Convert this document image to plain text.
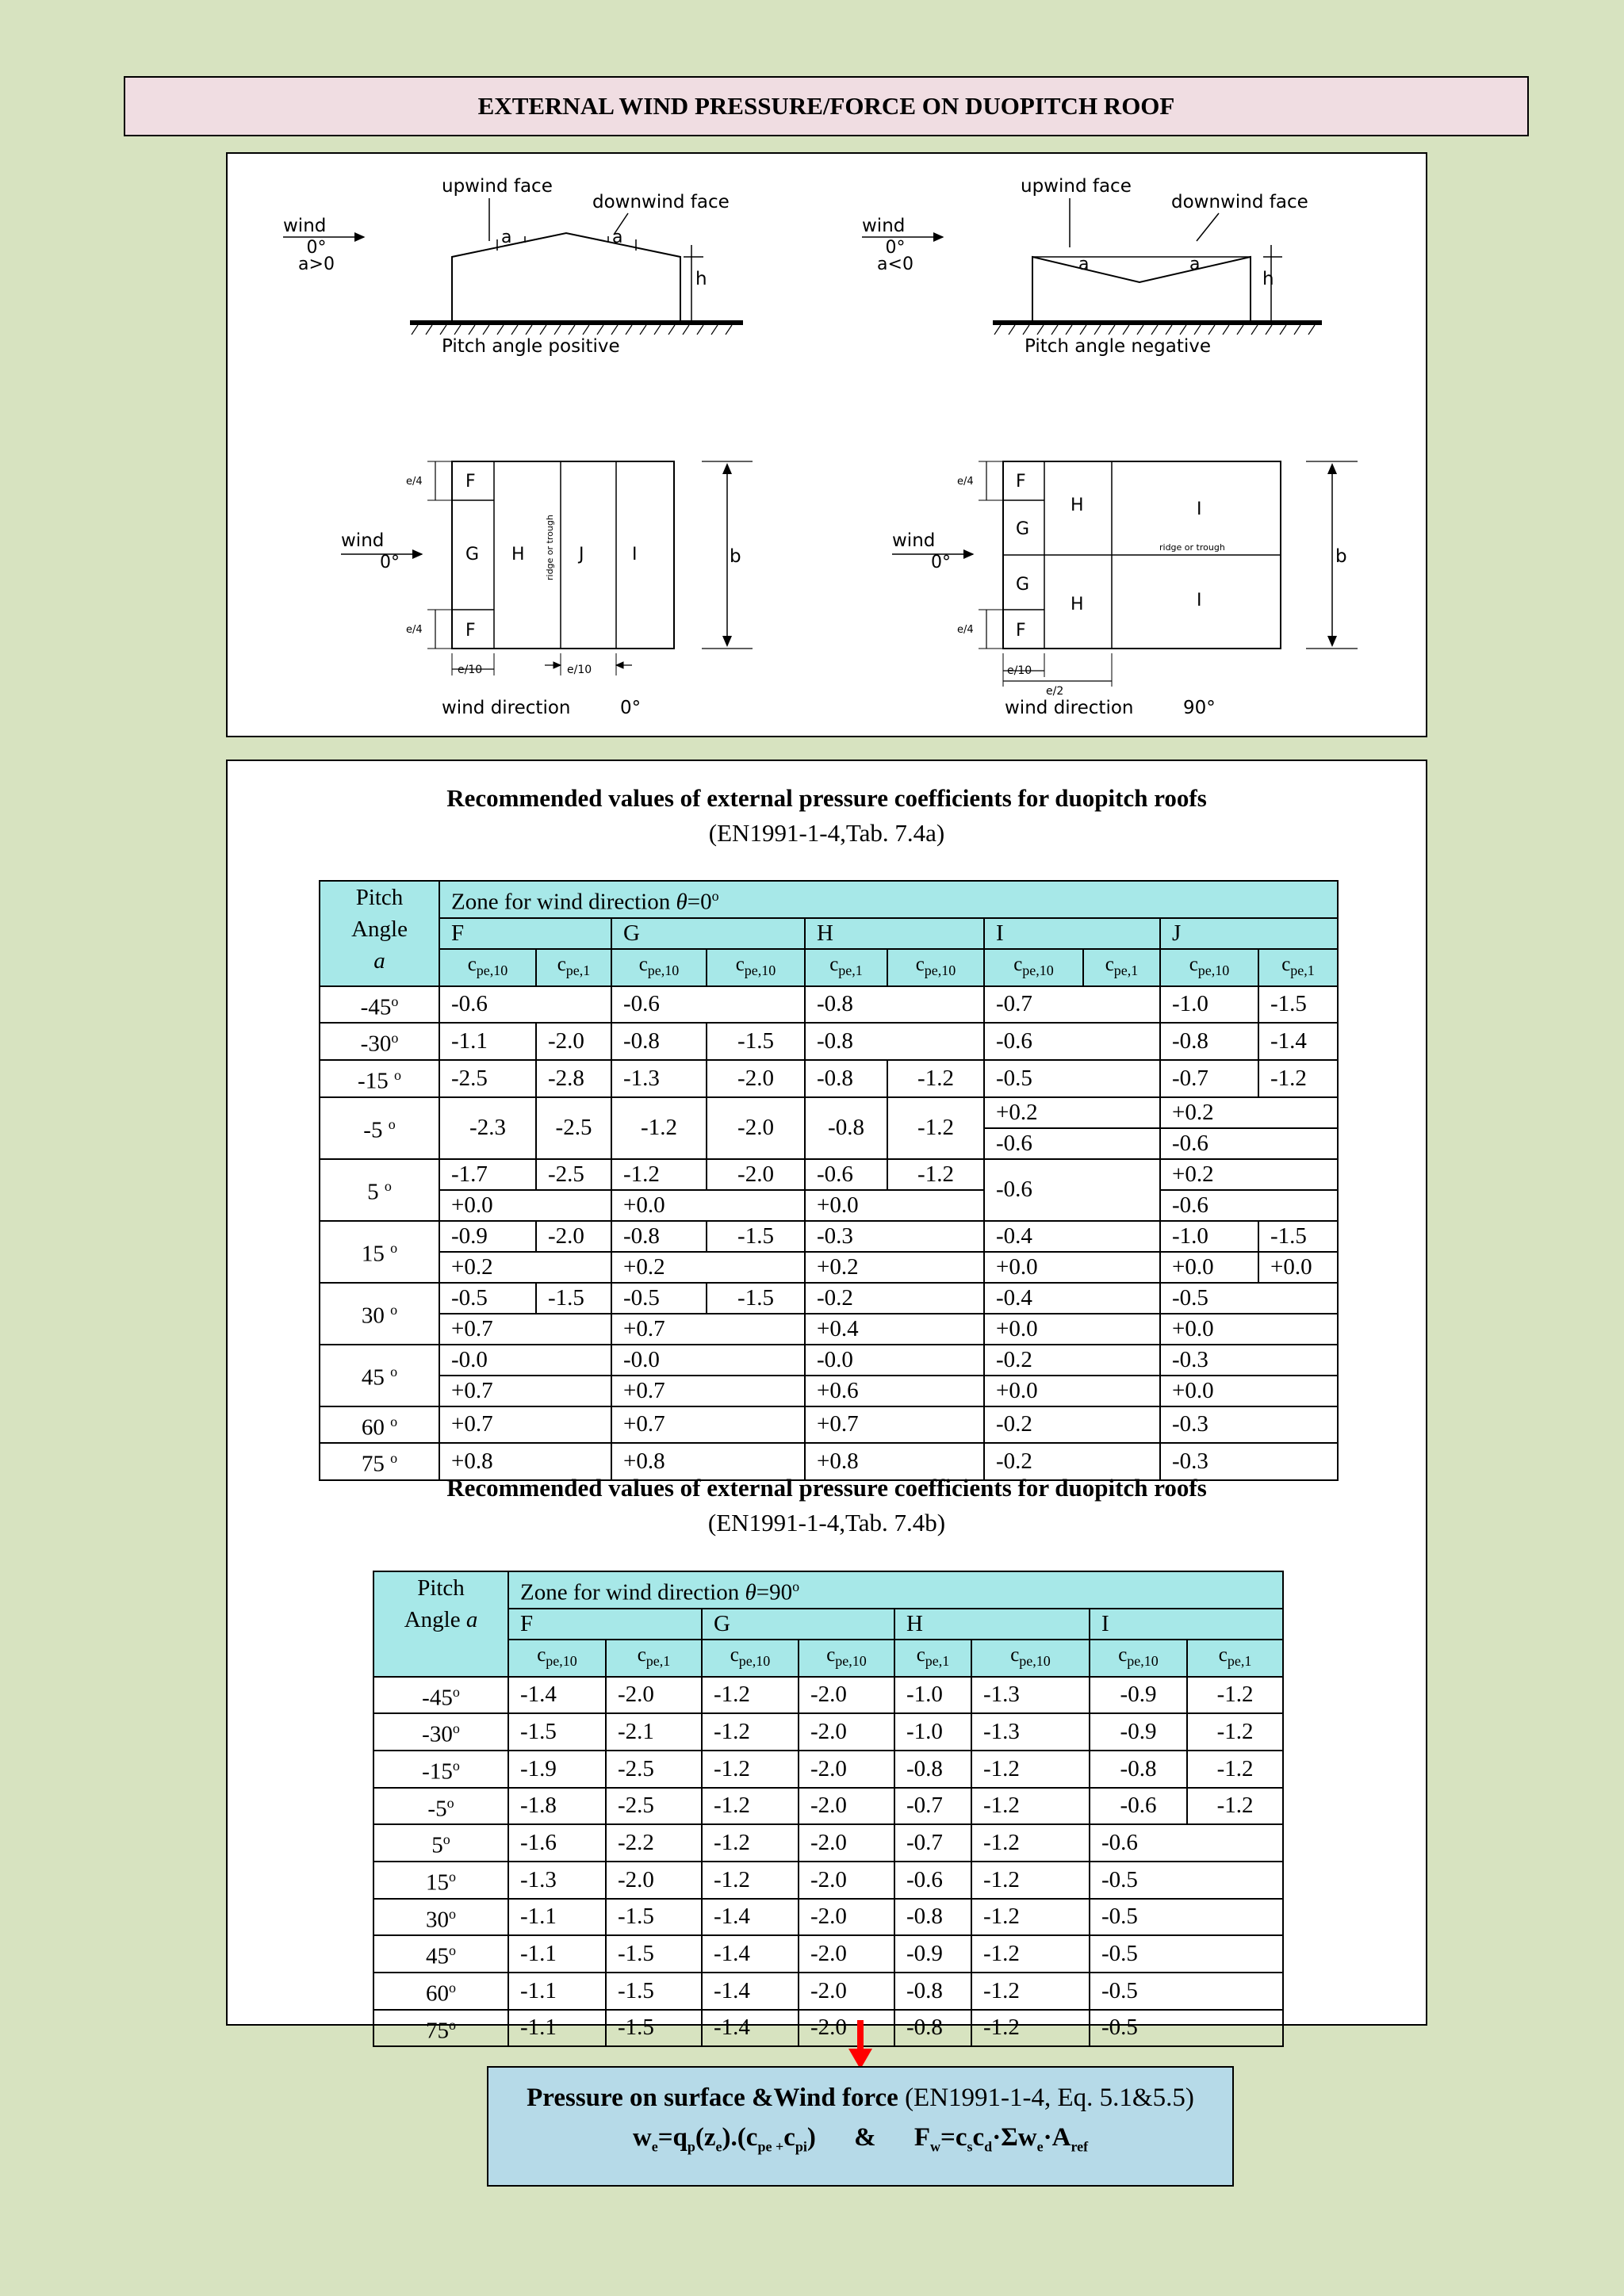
EXTERNAL WIND PRESSURE/FORCE ON DUOPITCH ROOF
wind
0°
a>0
upwind face
downwind face
a	a
h
Pitch angle positive
wind
0°
a<0
upwind face
downwind face
a	a
h
Pitch angle negative
F
G
F
H	J	I
ridge or trough
wind
0°
e/4
e/4
e/10	e/10
b
wind direction	0°
F
G
G
F
H
H
I
I
ridge or trough
wind
0°
e/4
e/4
e/10
e/2
b
wind direction	90°
Recommended values of external pressure coefficients for duopitch roofs
(EN1991-1-4,Tab. 7.4a)
Pitch
Angle
a	Zone for wind direction $\theta=0^o$
	F		G		H		I		J	
	$c_{pe,10}$	$c_{pe,1}$	$c_{pe,10}$	$c_{pe,10}$	$c_{pe,1}$	$c_{pe,10}$	$c_{pe,10}$	$c_{pe,1}$	$c_{pe,10}$	$c_{pe,1}$
-45$^o$	-0.6		-0.6		-0.8		-0.7		-1.0	-1.5
-30$^o$	-1.1	-2.0	-0.8	-1.5	-0.8		-0.6		-0.8	-1.4
-15 $^o$	-2.5	-2.8	-1.3	-2.0	-0.8	-1.2	-0.5		-0.7	-1.2
-5 $^o$	-2.3	-2.5	-1.2	-2.0	-0.8	-1.2	+0.2		+0.2	
							-0.6		-0.6	
5 $^o$	-1.7	-2.5	-1.2	-2.0	-0.6	-1.2	-0.6		+0.2	
	+0.0		+0.0		+0.0				-0.6	
15 $^o$	-0.9	-2.0	-0.8	-1.5	-0.3		-0.4		-1.0	-1.5
	+0.2		+0.2		+0.2		+0.0		+0.0	+0.0
30 $^o$	-0.5	-1.5	-0.5	-1.5	-0.2		-0.4		-0.5	
	+0.7		+0.7		+0.4		+0.0		+0.0	
45 $^o$	-0.0		-0.0		-0.0		-0.2		-0.3	
	+0.7		+0.7		+0.6		+0.0		+0.0	
60 $^o$	+0.7		+0.7		+0.7		-0.2		-0.3	
75 $^o$	+0.8		+0.8		+0.8		-0.2		-0.3	
Recommended values of external pressure coefficients for duopitch roofs
(EN1991-1-4,Tab. 7.4b)
Pitch
Angle a	Zone for wind direction $\theta=90^o$
	F		G		H		I	
	$c_{pe,10}$	$c_{pe,1}$	$c_{pe,10}$	$c_{pe,10}$	$c_{pe,1}$	$c_{pe,10}$	$c_{pe,10}$	$c_{pe,1}$
-45$^o$	-1.4	-2.0	-1.2	-2.0	-1.0	-1.3	-0.9	-1.2
-30$^o$	-1.5	-2.1	-1.2	-2.0	-1.0	-1.3	-0.9	-1.2
-15$^o$	-1.9	-2.5	-1.2	-2.0	-0.8	-1.2	-0.8	-1.2
-5$^o$	-1.8	-2.5	-1.2	-2.0	-0.7	-1.2	-0.6	-1.2
5$^o$	-1.6	-2.2	-1.2	-2.0	-0.7	-1.2	-0.6	
15$^o$	-1.3	-2.0	-1.2	-2.0	-0.6	-1.2	-0.5	
30$^o$	-1.1	-1.5	-1.4	-2.0	-0.8	-1.2	-0.5	
45$^o$	-1.1	-1.5	-1.4	-2.0	-0.9	-1.2	-0.5	
60$^o$	-1.1	-1.5	-1.4	-2.0	-0.8	-1.2	-0.5	
75$^o$	-1.1	-1.5	-1.4	-2.0	-0.8	-1.2	-0.5	
Pressure on surface &Wind force (EN1991-1-4, Eq. 5.1&5.5)
$w_e=q_p(z_e).(c_{pe +}c_{pi})$ & $F_w=c_sc_d\cdot\Sigma w_e\cdot A_{ref}$
